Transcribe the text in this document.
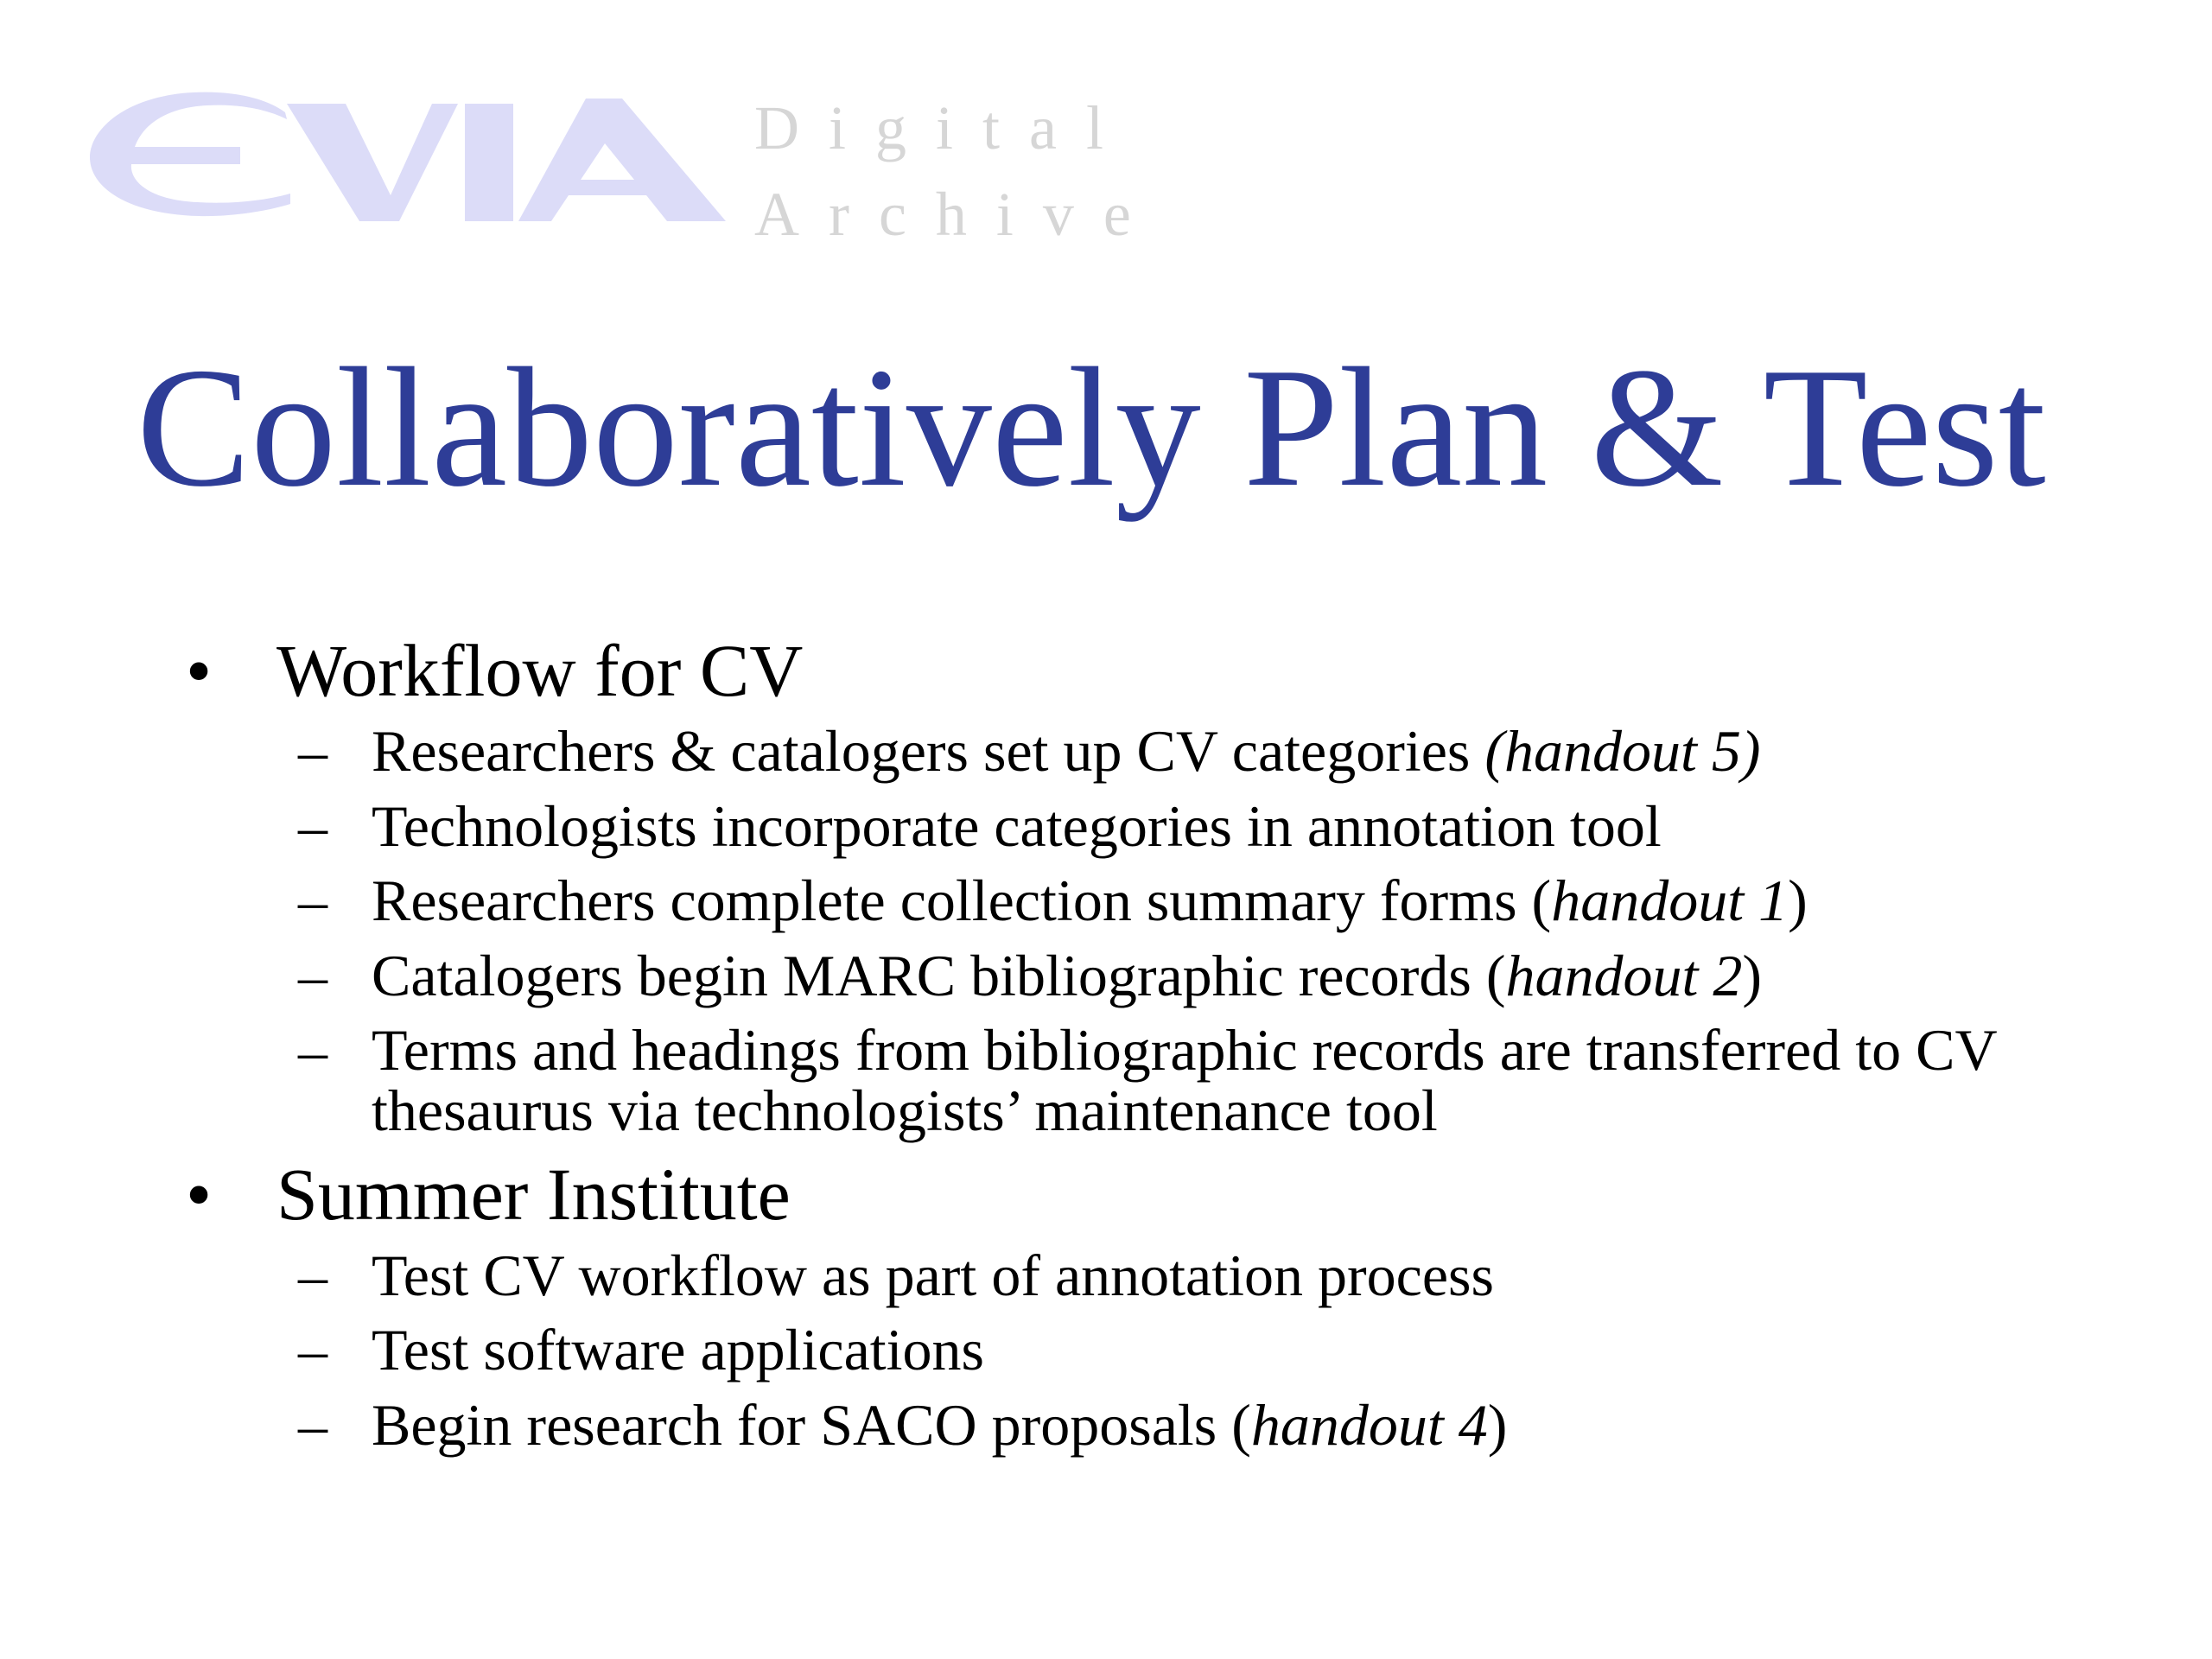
Digital
Archive
Collaboratively Plan & Test
• Workflow for CV
– Researchers & catalogers set up CV categories (handout 5)
– Technologists incorporate categories in annotation tool
– Researchers complete collection summary forms (handout 1)
– Catalogers begin MARC bibliographic records (handout 2)
– Terms and headings from bibliographic records are transferred to CV thesaurus via technologists’ maintenance tool
• Summer Institute
– Test CV workflow as part of annotation process
– Test software applications
– Begin research for SACO proposals (handout 4)
